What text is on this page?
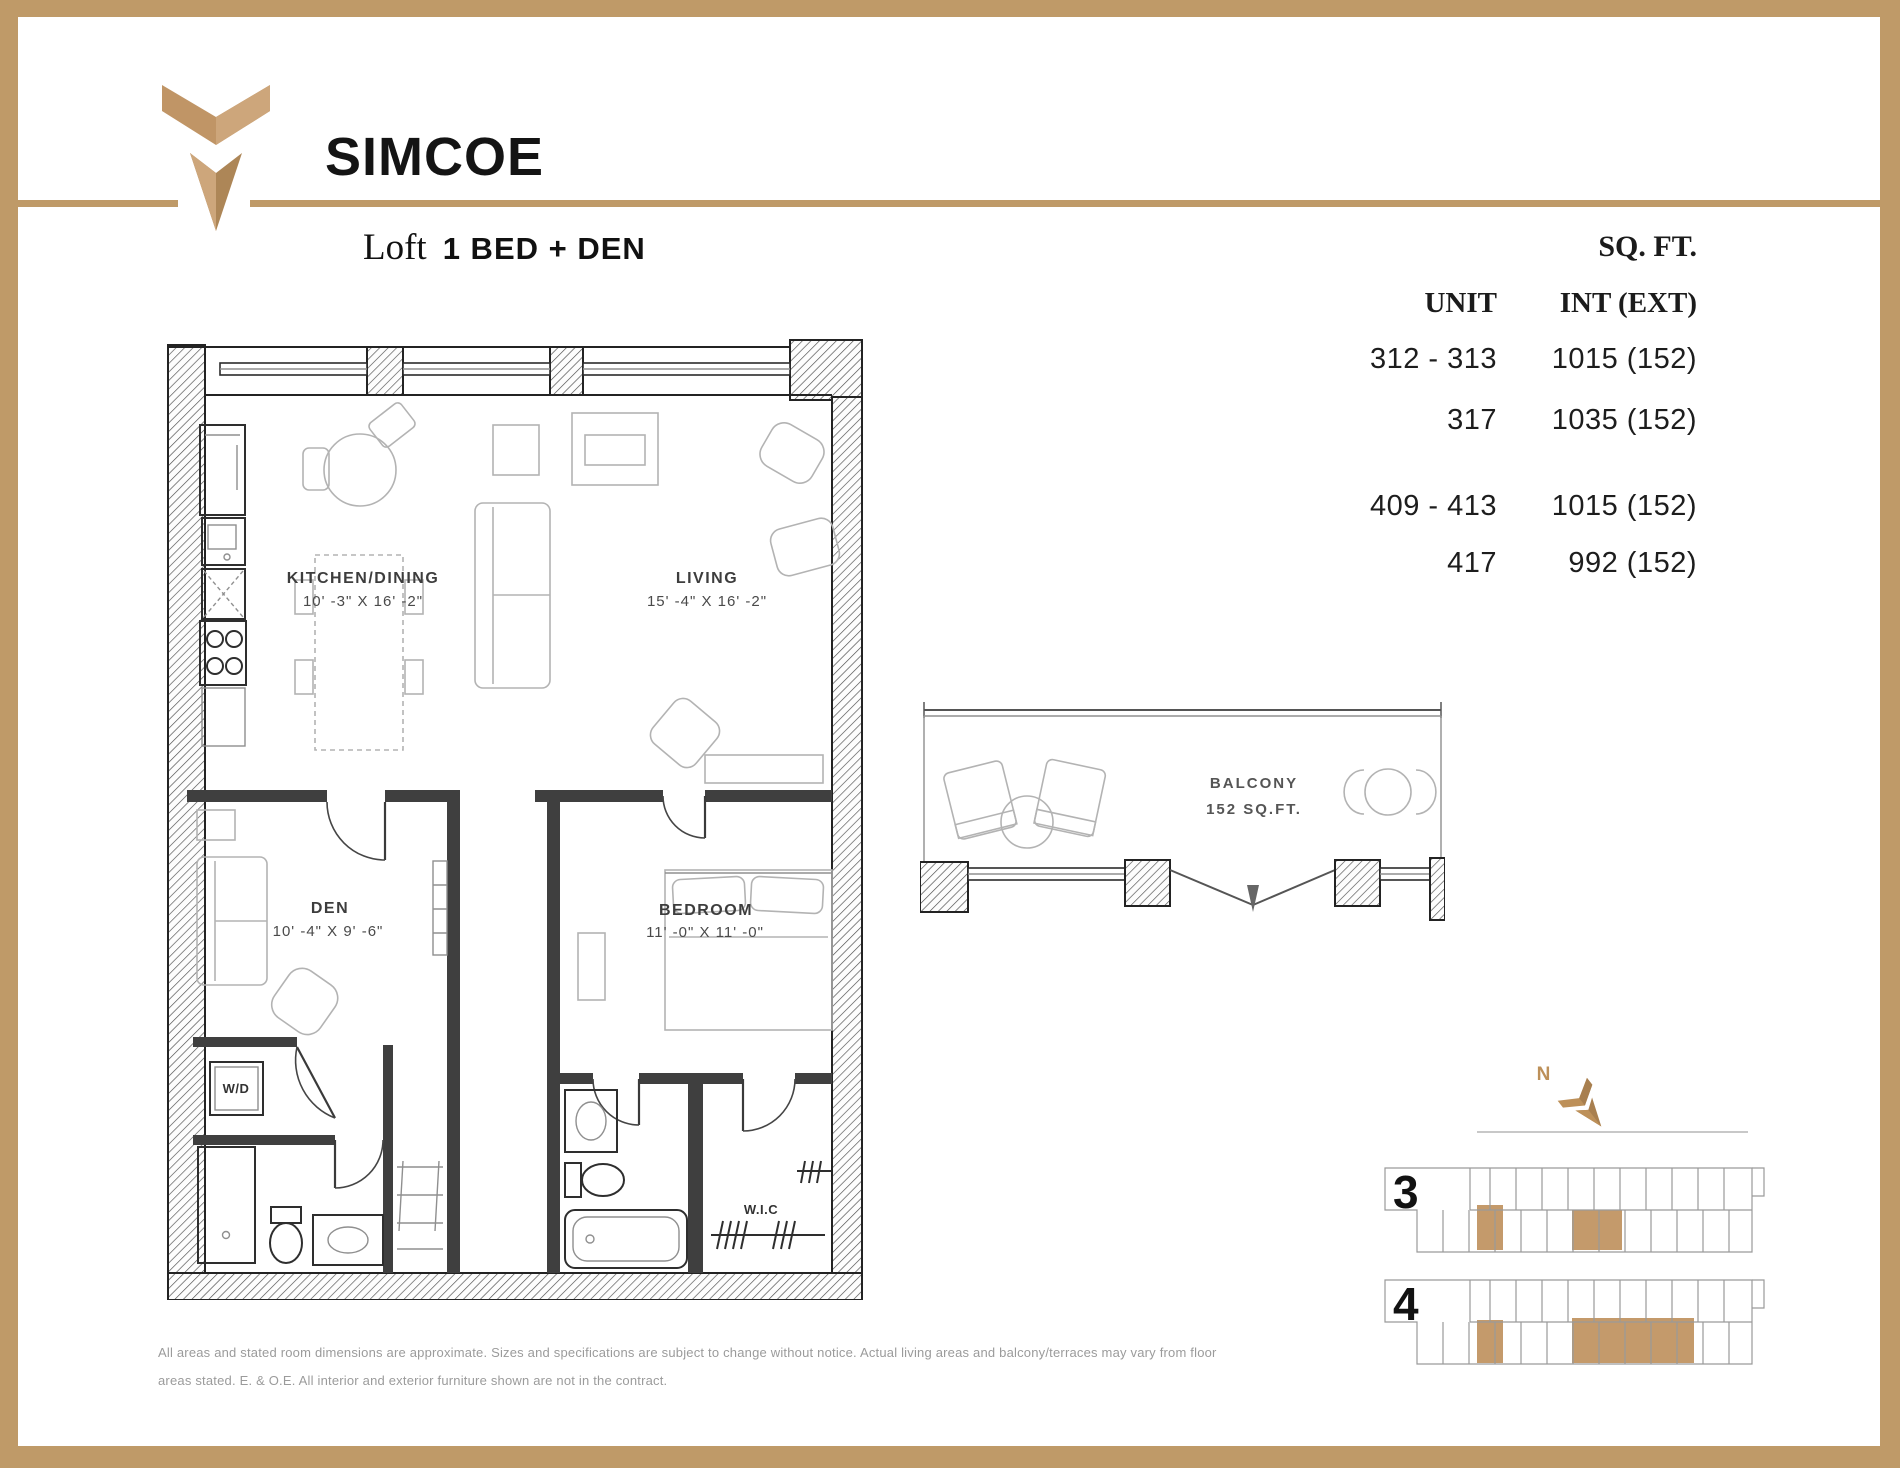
SIMCOE
Loft 1 BED + DEN	SQ. FT.
UNIT	INT (EXT)
312 - 313	1015 (152)
317	1035 (152)
409 - 413	1015 (152)
417	992 (152)
W/D
KITCHEN/DINING
10' -3" X 16' -2"
LIVING
15' -4" X 16' -2"
DEN
10' -4" X 9' -6"
BEDROOM
11' -0" X 11' -0"
W.I.C
BALCONY
152 SQ.FT.
N
3
4
All areas and stated room dimensions are approximate. Sizes and specifications are subject to change without notice. Actual living areas and balcony/terraces may vary from floor
areas stated. E. & O.E. All interior and exterior furniture shown are not in the contract.
